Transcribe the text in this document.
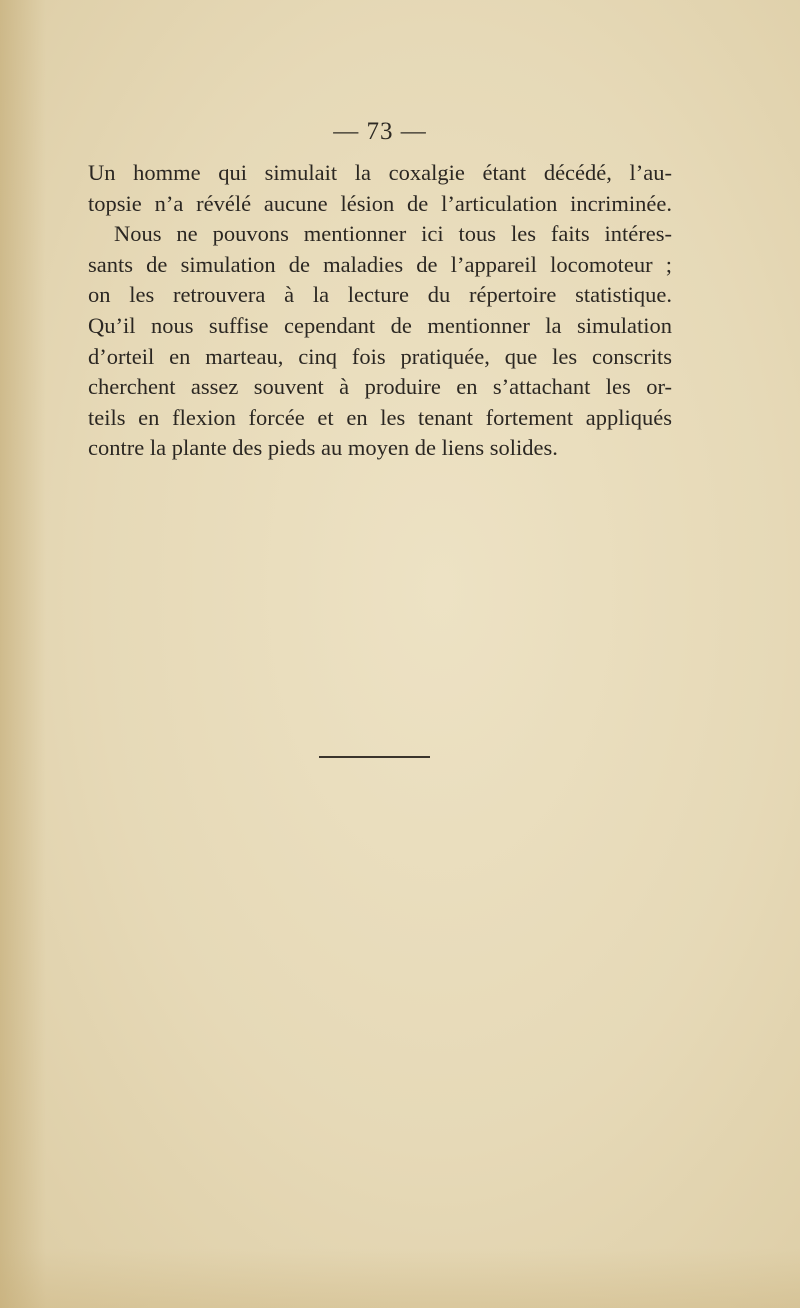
— 73 —
Un homme qui simulait la coxalgie étant décédé, l’au-
topsie n’a révélé aucune lésion de l’articulation incriminée.
Nous ne pouvons mentionner ici tous les faits intéres-
sants de simulation de maladies de l’appareil locomoteur ;
on les retrouvera à la lecture du répertoire statistique.
Qu’il nous suffise cependant de mentionner la simulation
d’orteil en marteau, cinq fois pratiquée, que les conscrits
cherchent assez souvent à produire en s’attachant les or-
teils en flexion forcée et en les tenant fortement appliqués
contre la plante des pieds au moyen de liens solides.
